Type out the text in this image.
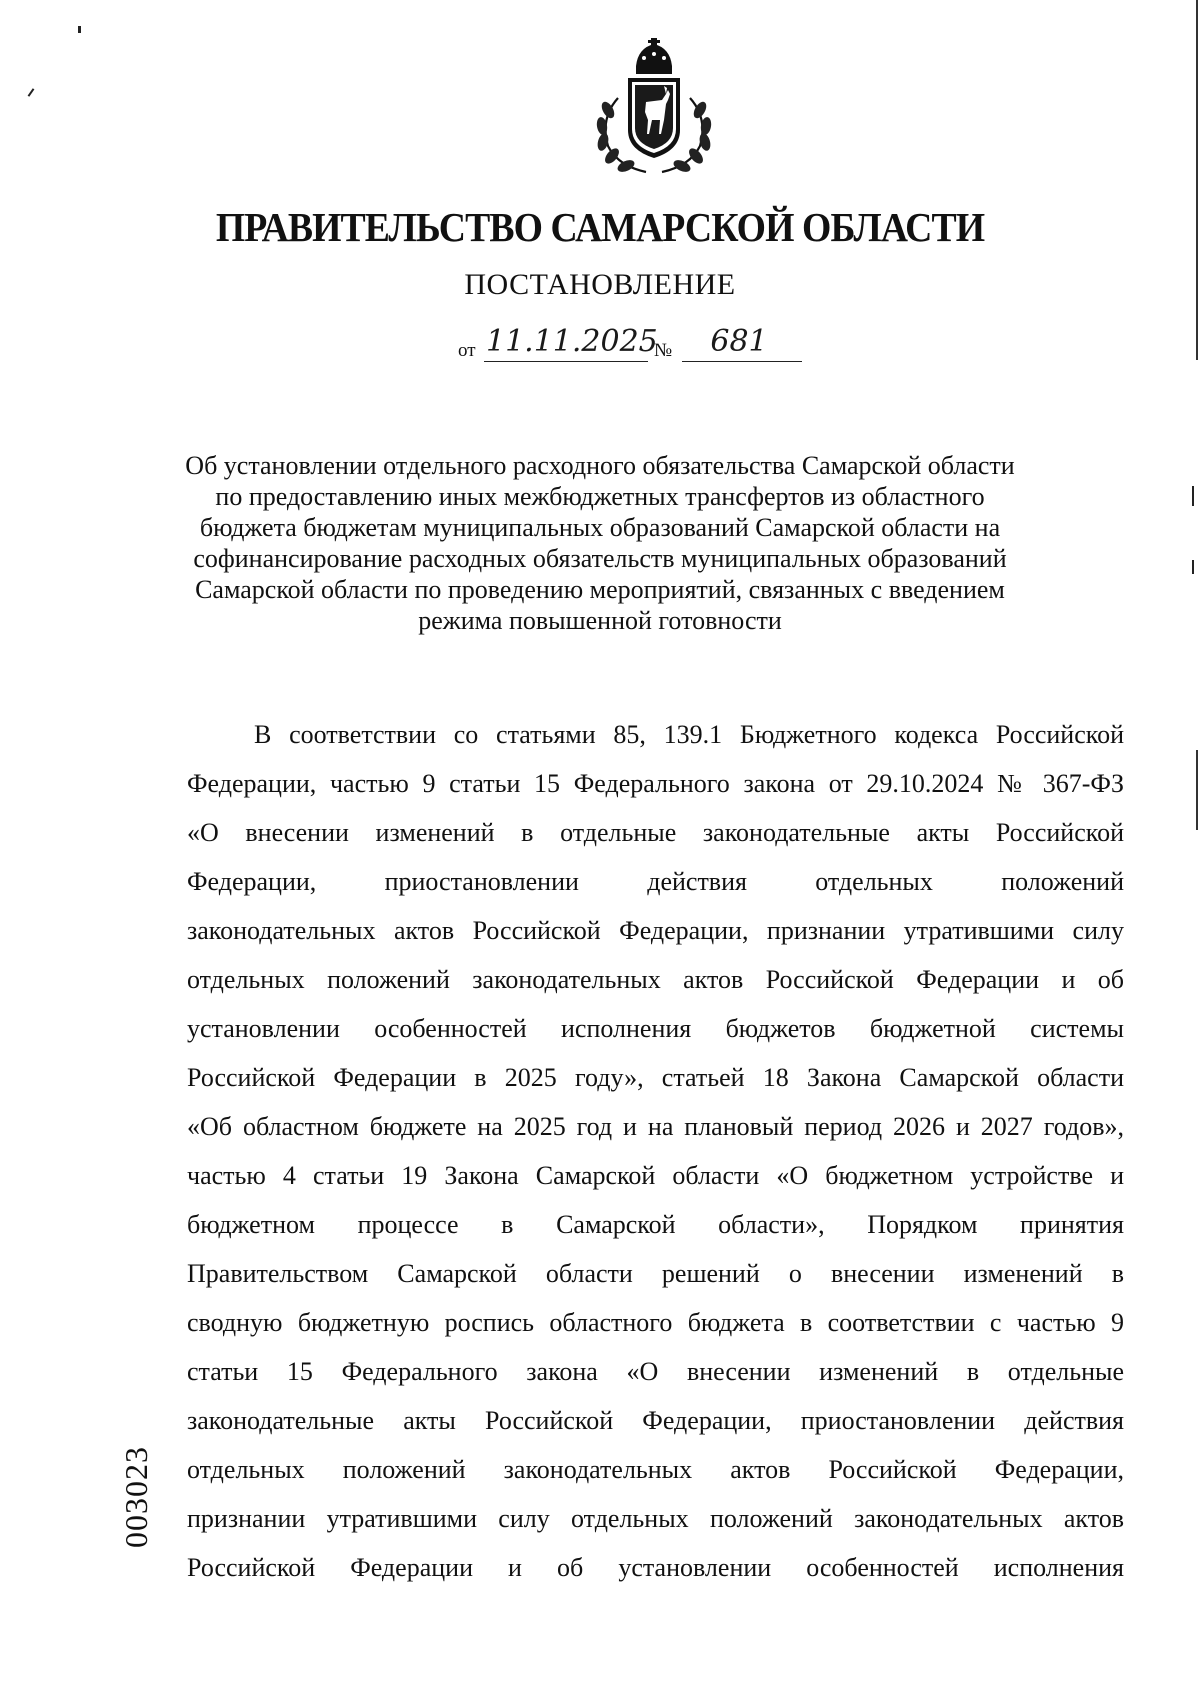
ПРАВИТЕЛЬСТВО САМАРСКОЙ ОБЛАСТИ
ПОСТАНОВЛЕНИЕ
от 11.11.2025
№	681
Об установлении отдельного расходного обязательства Самарской области
по предоставлению иных межбюджетных трансфертов из областного
бюджета бюджетам муниципальных образований Самарской области на
софинансирование расходных обязательств муниципальных образований
Самарской области по проведению мероприятий, связанных с введением
режима повышенной готовности
В соответствии со статьями 85, 139.1 Бюджетного кодекса Российской
Федерации, частью 9 статьи 15 Федерального закона от 29.10.2024 № 367-ФЗ
«О внесении изменений в отдельные законодательные акты Российской
Федерации, приостановлении действия отдельных положений
законодательных актов Российской Федерации, признании утратившими силу
отдельных положений законодательных актов Российской Федерации и об
установлении особенностей исполнения бюджетов бюджетной системы
Российской Федерации в 2025 году», статьей 18 Закона Самарской области
«Об областном бюджете на 2025 год и на плановый период 2026 и 2027 годов»,
частью 4 статьи 19 Закона Самарской области «О бюджетном устройстве и
бюджетном процессе в Самарской области», Порядком принятия
Правительством Самарской области решений о внесении изменений в
сводную бюджетную роспись областного бюджета в соответствии с частью 9
статьи 15 Федерального закона «О внесении изменений в отдельные
законодательные акты Российской Федерации, приостановлении действия
отдельных положений законодательных актов Российской Федерации,
признании утратившими силу отдельных положений законодательных актов
Российской Федерации и об установлении особенностей исполнения
003023
